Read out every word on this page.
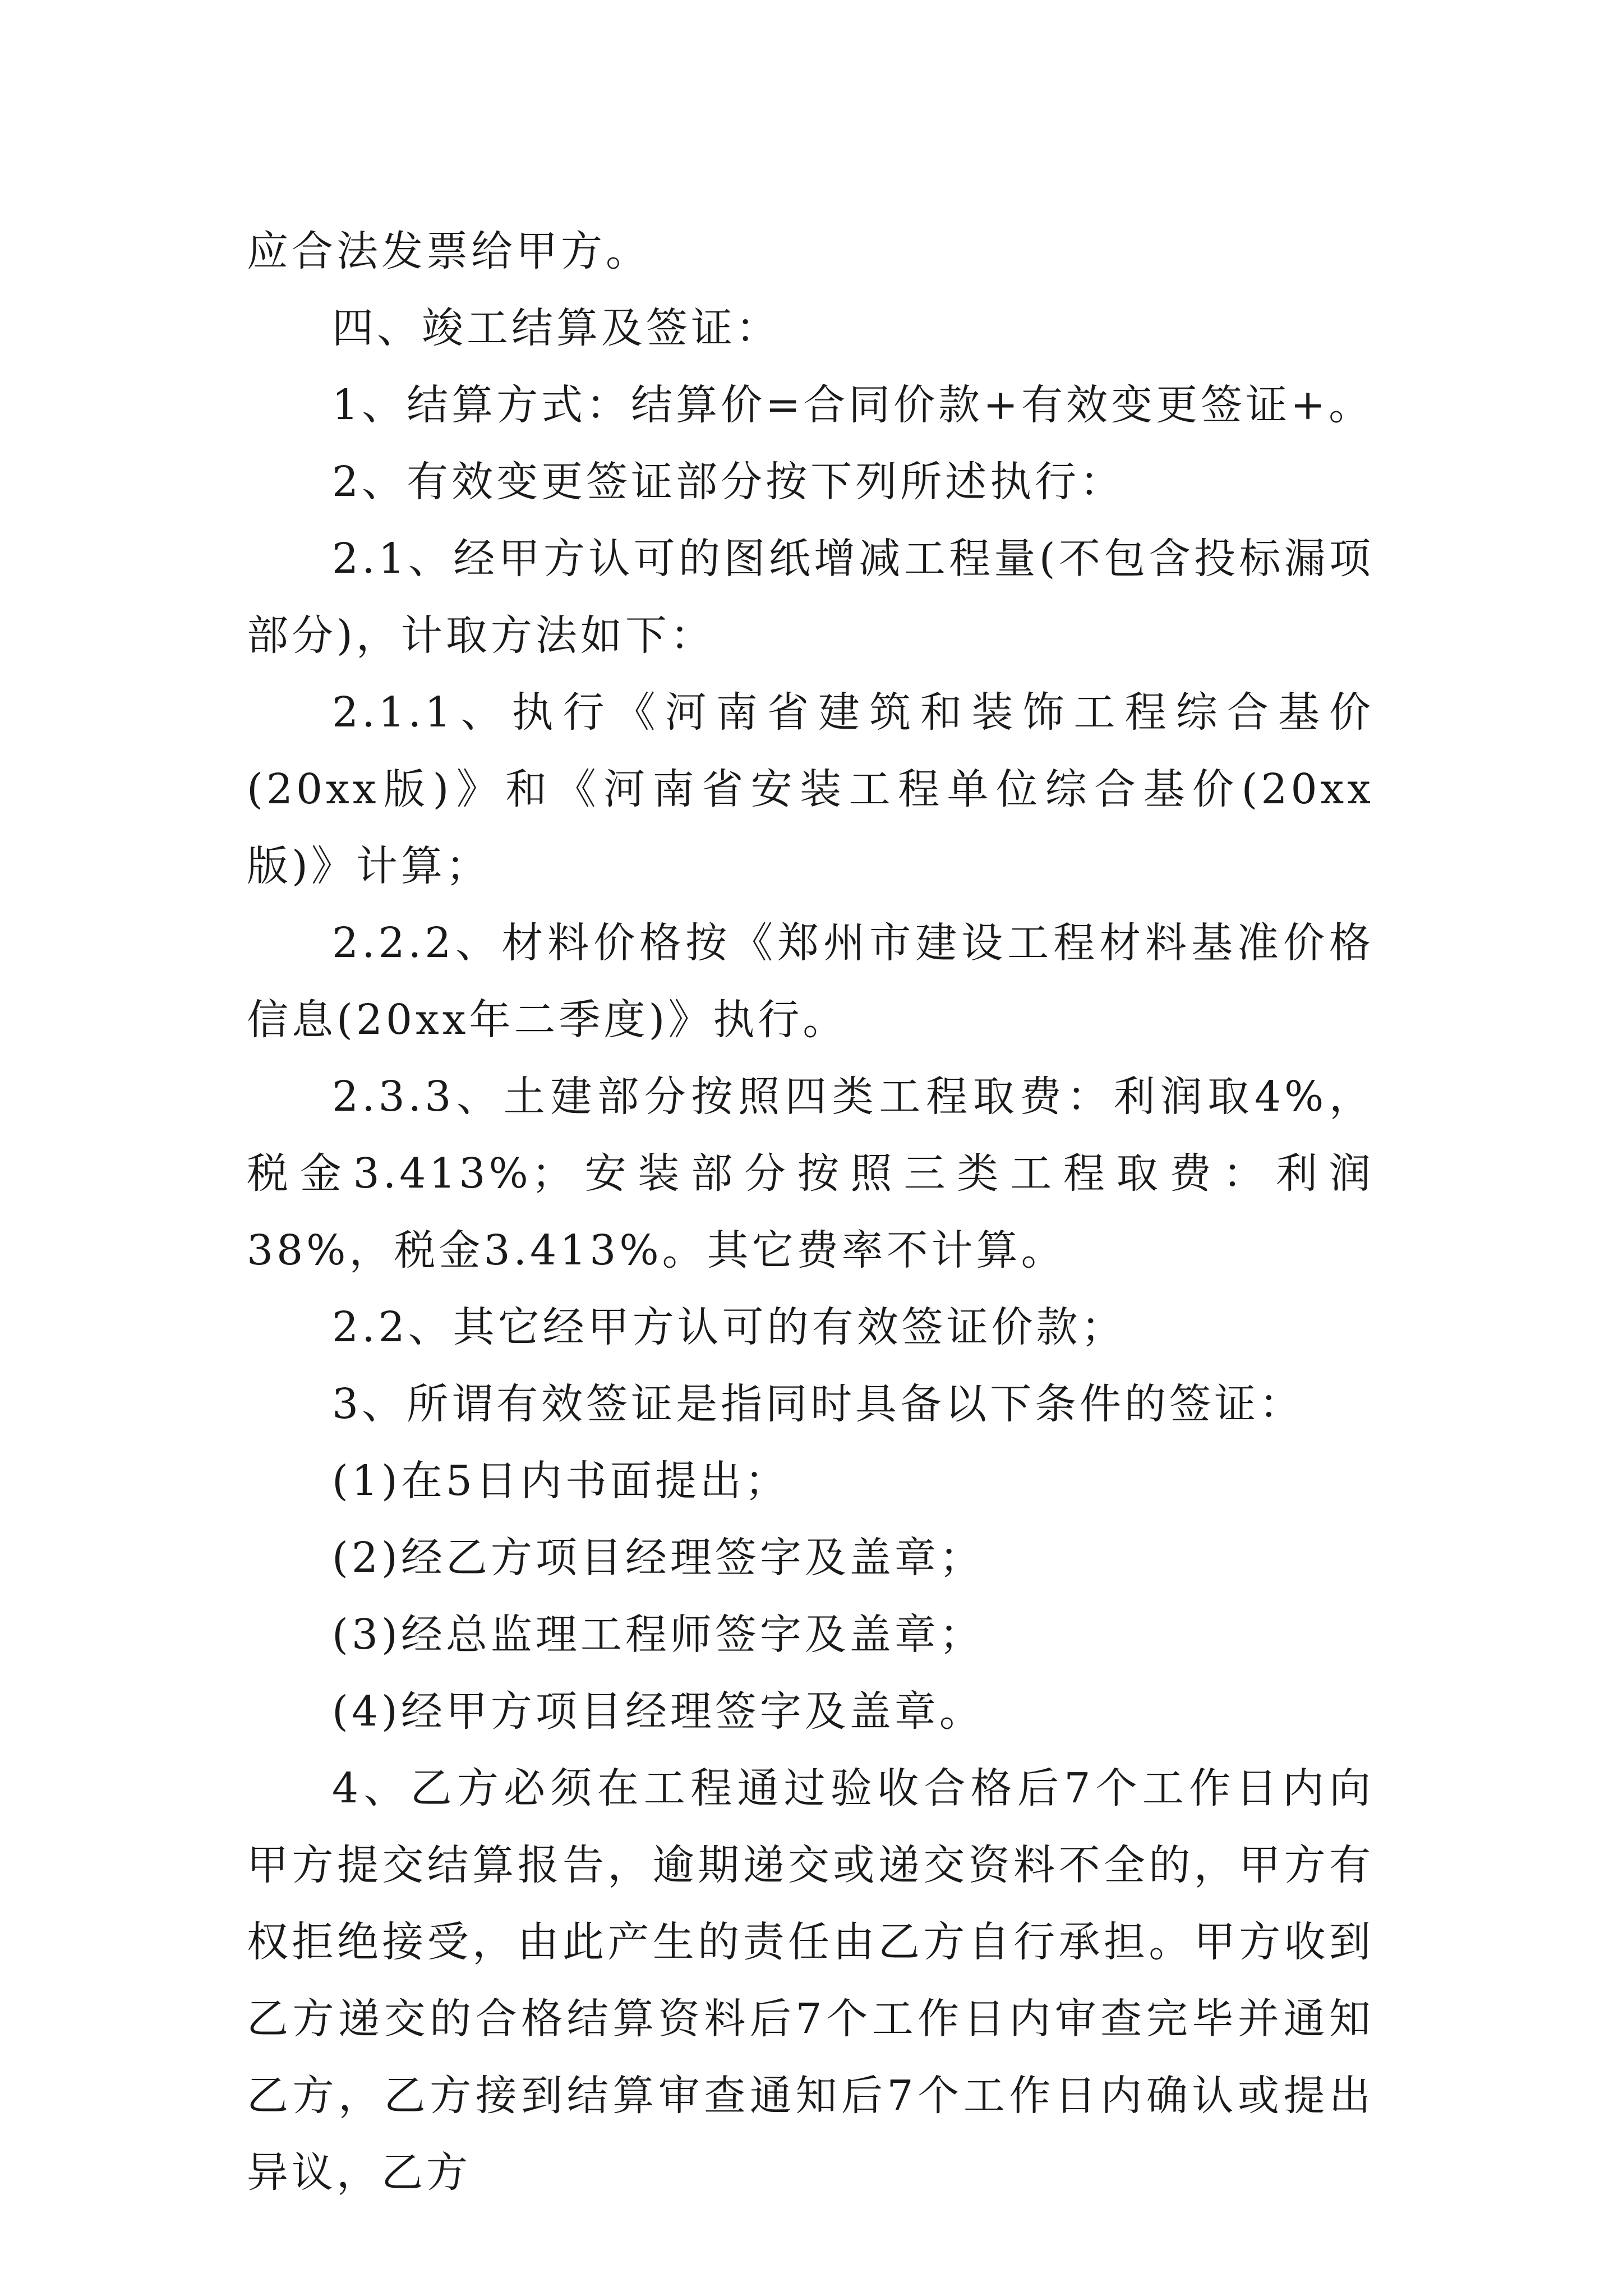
应合法发票给甲方。

四、竣工结算及签证：

1、结算方式：结算价=合同价款+有效变更签证+。

2、有效变更签证部分按下列所述执行：

2.1、经甲方认可的图纸增减工程量(不包含投标漏项部分)，计取方法如下：

2.1.1、执行《河南省建筑和装饰工程综合基价(20xx版)》和《河南省安装工程单位综合基价(20xx版)》计算；

2.2.2、材料价格按《郑州市建设工程材料基准价格信息(20xx年二季度)》执行。

2.3.3、土建部分按照四类工程取费：利润取4%，税金3.413%；安装部分按照三类工程取费：利润38%，税金3.413%。其它费率不计算。

2.2、其它经甲方认可的有效签证价款；

3、所谓有效签证是指同时具备以下条件的签证：

(1)在5日内书面提出；

(2)经乙方项目经理签字及盖章；

(3)经总监理工程师签字及盖章；

(4)经甲方项目经理签字及盖章。

4、乙方必须在工程通过验收合格后7个工作日内向甲方提交结算报告，逾期递交或递交资料不全的，甲方有权拒绝接受，由此产生的责任由乙方自行承担。甲方收到乙方递交的合格结算资料后7个工作日内审查完毕并通知乙方，乙方接到结算审查通知后7个工作日内确认或提出异议，乙方
